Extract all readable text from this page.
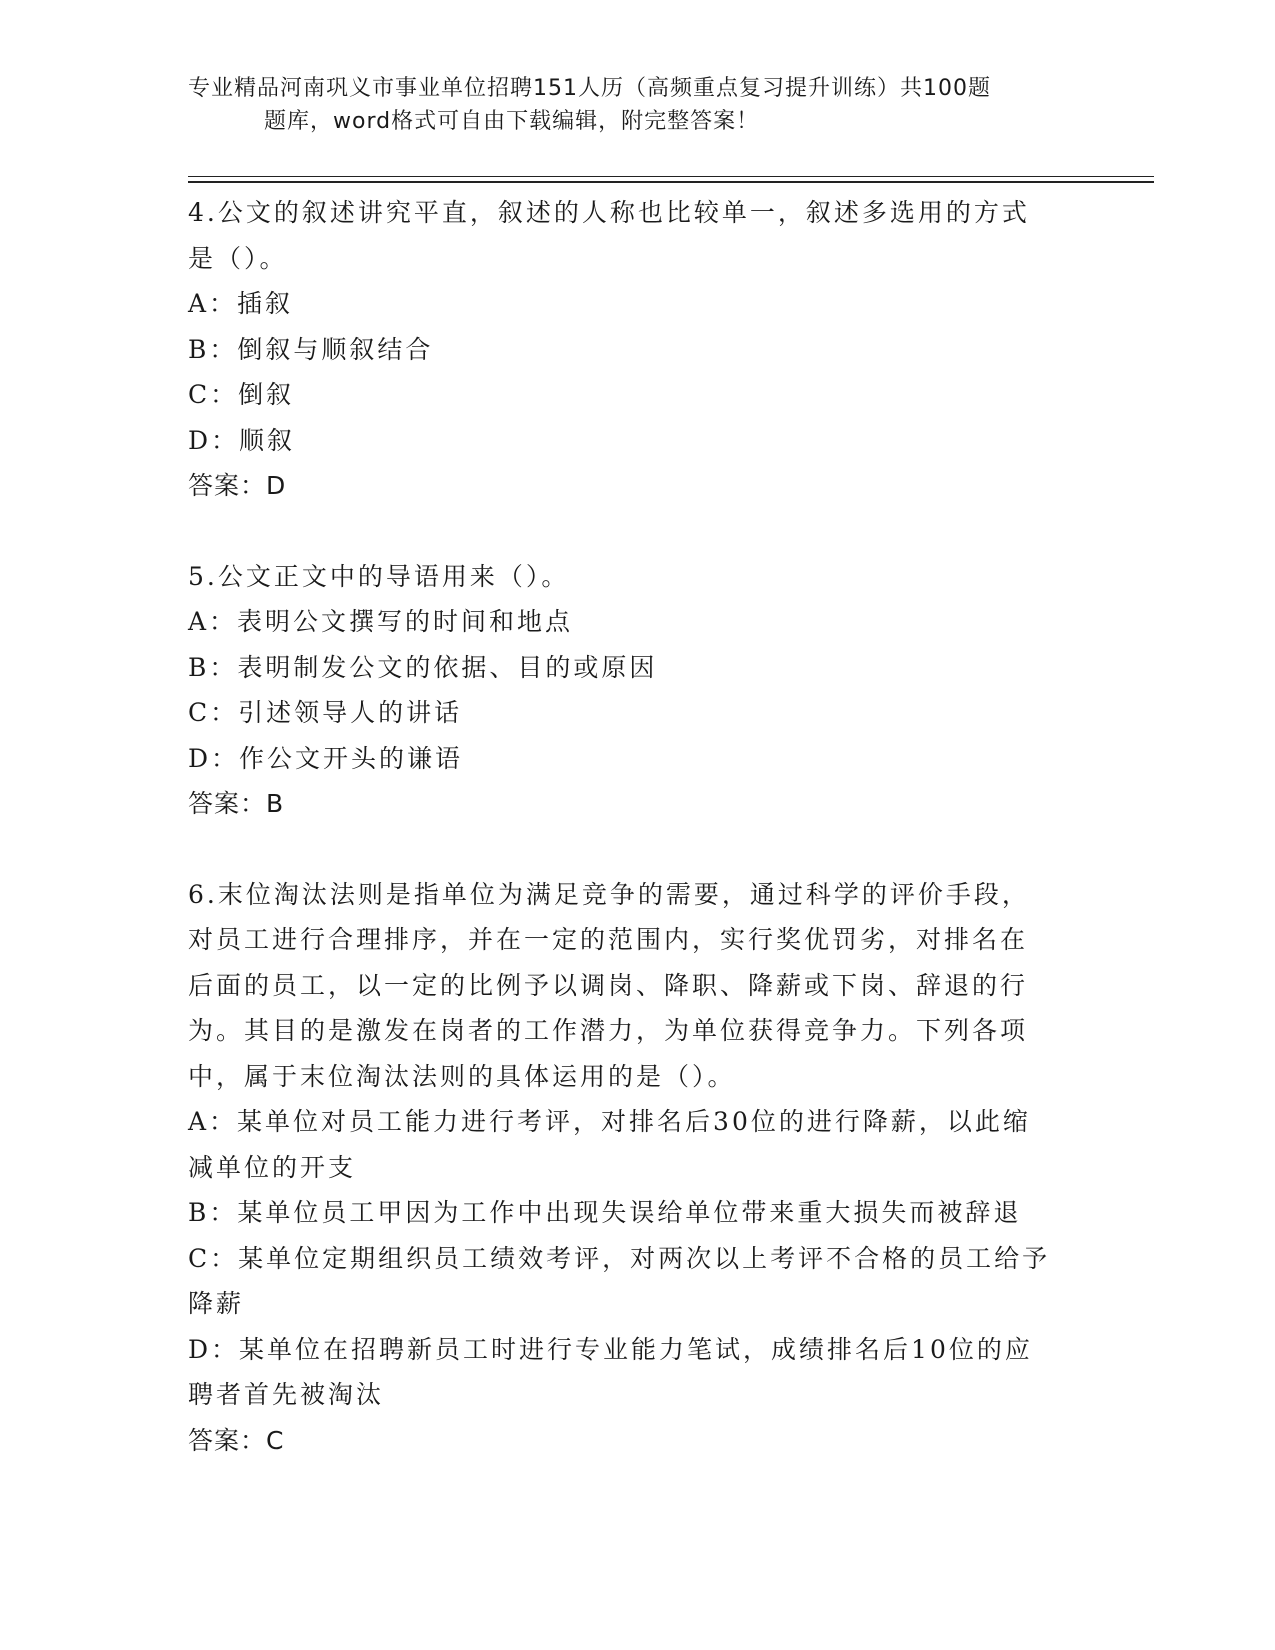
专业精品河南巩义市事业单位招聘151人历（高频重点复习提升训练）共100题
题库，word格式可自由下载编辑，附完整答案！
4.公文的叙述讲究平直，叙述的人称也比较单一，叙述多选用的方式
是（）。
A：插叙
B：倒叙与顺叙结合
C：倒叙
D：顺叙
答案：D
5.公文正文中的导语用来（）。
A：表明公文撰写的时间和地点
B：表明制发公文的依据、目的或原因
C：引述领导人的讲话
D：作公文开头的谦语
答案：B
6.末位淘汰法则是指单位为满足竞争的需要，通过科学的评价手段，
对员工进行合理排序，并在一定的范围内，实行奖优罚劣，对排名在
后面的员工，以一定的比例予以调岗、降职、降薪或下岗、辞退的行
为。其目的是激发在岗者的工作潜力，为单位获得竞争力。下列各项
中，属于末位淘汰法则的具体运用的是（）。
A：某单位对员工能力进行考评，对排名后30位的进行降薪，以此缩
减单位的开支
B：某单位员工甲因为工作中出现失误给单位带来重大损失而被辞退
C：某单位定期组织员工绩效考评，对两次以上考评不合格的员工给予
降薪
D：某单位在招聘新员工时进行专业能力笔试，成绩排名后10位的应
聘者首先被淘汰
答案：C
